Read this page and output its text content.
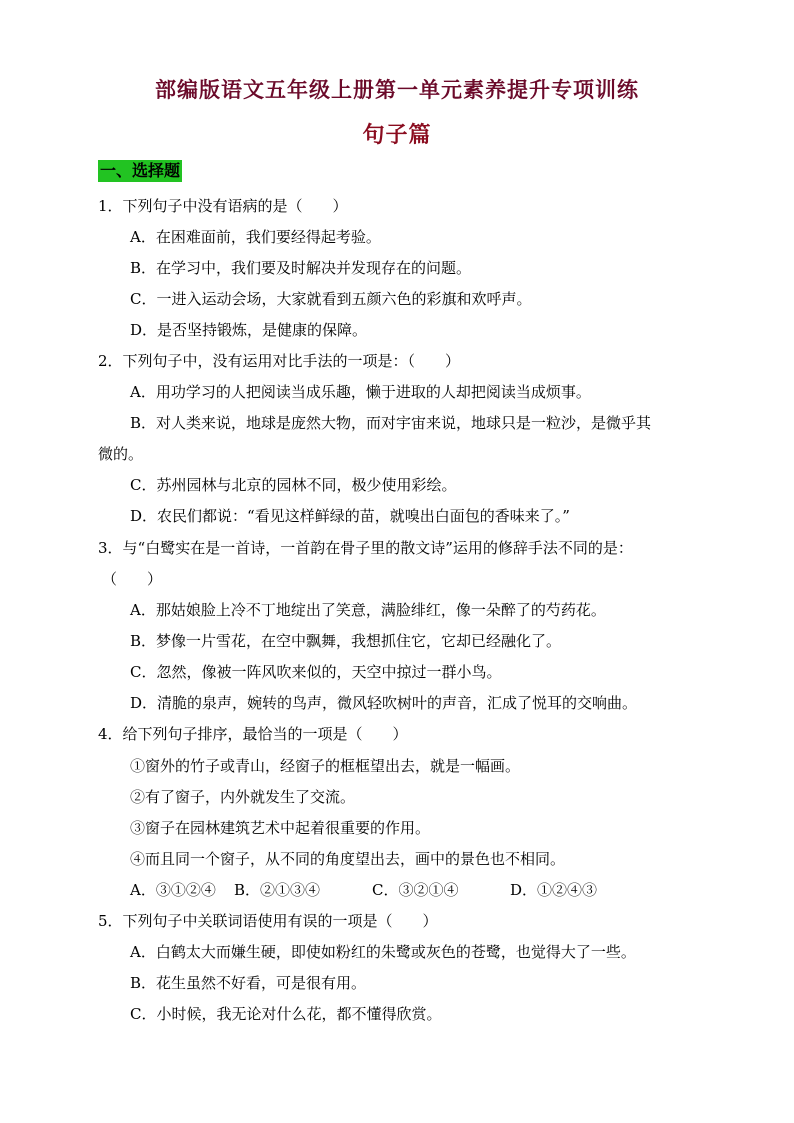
部编版语文五年级上册第一单元素养提升专项训练
句子篇
一、选择题
1．下列句子中没有语病的是（　　）
A．在困难面前，我们要经得起考验。
B．在学习中，我们要及时解决并发现存在的问题。
C．一进入运动会场，大家就看到五颜六色的彩旗和欢呼声。
D．是否坚持锻炼，是健康的保障。
2．下列句子中，没有运用对比手法的一项是：（　　）
A．用功学习的人把阅读当成乐趣，懒于进取的人却把阅读当成烦事。
B．对人类来说，地球是庞然大物，而对宇宙来说，地球只是一粒沙，是微乎其
微的。
C．苏州园林与北京的园林不同，极少使用彩绘。
D．农民们都说：“看见这样鲜绿的苗，就嗅出白面包的香味来了。”
3．与“白鹭实在是一首诗，一首韵在骨子里的散文诗”运用的修辞手法不同的是：
（　　）
A．那姑娘脸上冷不丁地绽出了笑意，满脸绯红，像一朵醉了的芍药花。
B．梦像一片雪花，在空中飘舞，我想抓住它，它却已经融化了。
C．忽然，像被一阵风吹来似的，天空中掠过一群小鸟。
D．清脆的泉声，婉转的鸟声，微风轻吹树叶的声音，汇成了悦耳的交响曲。
4．给下列句子排序，最恰当的一项是（　　）
①窗外的竹子或青山，经窗子的框框望出去，就是一幅画。
②有了窗子，内外就发生了交流。
③窗子在园林建筑艺术中起着很重要的作用。
④而且同一个窗子，从不同的角度望出去，画中的景色也不相同。
A．③①②④ B．②①③④	C．③②①④	D．①②④③
5．下列句子中关联词语使用有误的一项是（　　）
A．白鹤太大而嫌生硬，即使如粉红的朱鹭或灰色的苍鹭，也觉得大了一些。
B．花生虽然不好看，可是很有用。
C．小时候，我无论对什么花，都不懂得欣赏。
